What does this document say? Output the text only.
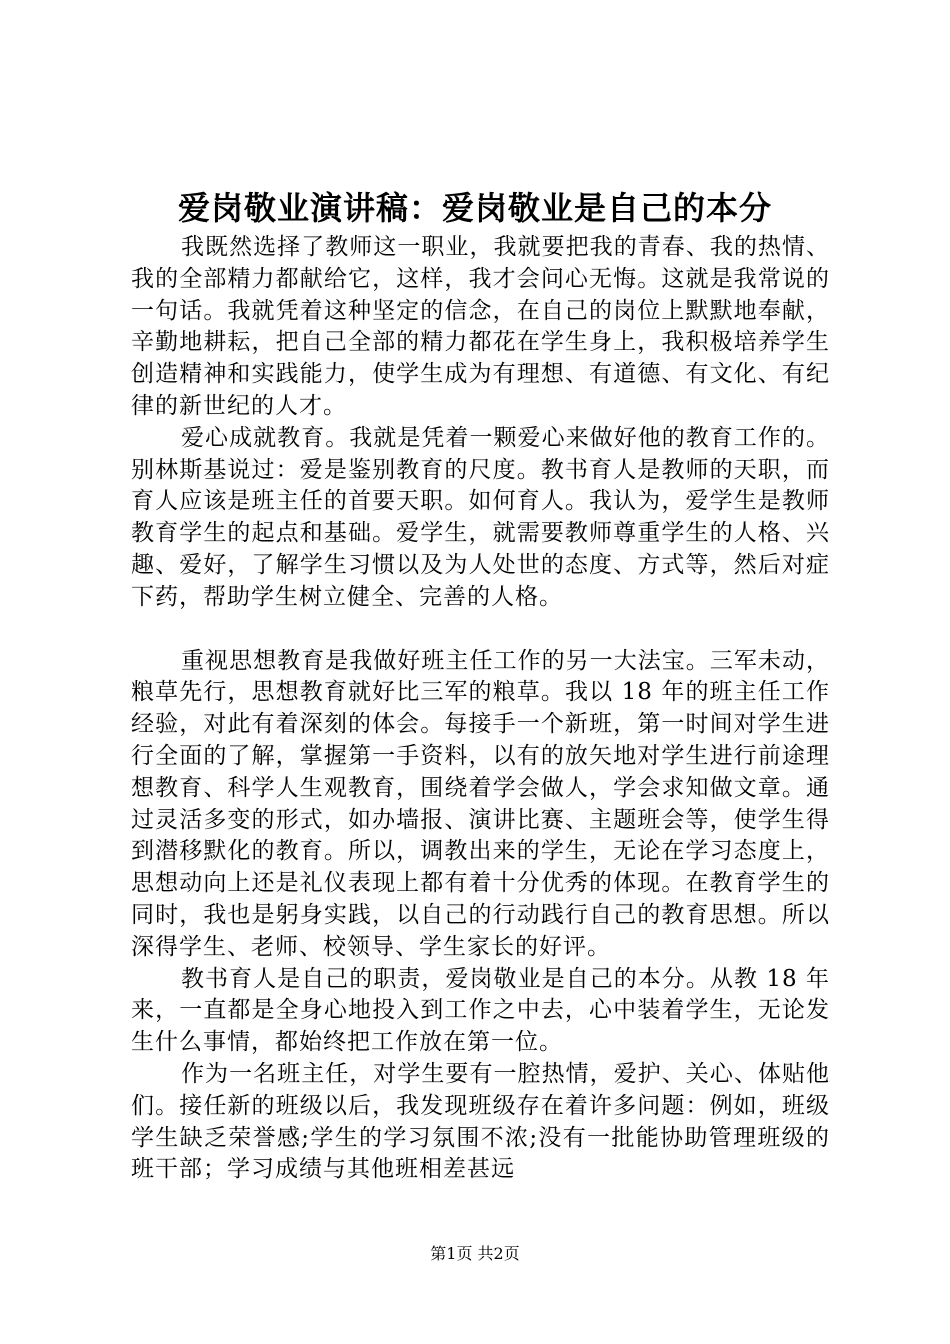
爱岗敬业演讲稿：爱岗敬业是自己的本分

我既然选择了教师这一职业，我就要把我的青春、我的热情、我的全部精力都献给它，这样，我才会问心无悔。这就是我常说的一句话。我就凭着这种坚定的信念，在自己的岗位上默默地奉献，辛勤地耕耘，把自己全部的精力都花在学生身上，我积极培养学生创造精神和实践能力，使学生成为有理想、有道德、有文化、有纪律的新世纪的人才。

爱心成就教育。我就是凭着一颗爱心来做好他的教育工作的。别林斯基说过：爱是鉴别教育的尺度。教书育人是教师的天职，而育人应该是班主任的首要天职。如何育人。我认为，爱学生是教师教育学生的起点和基础。爱学生，就需要教师尊重学生的人格、兴趣、爱好，了解学生习惯以及为人处世的态度、方式等，然后对症下药，帮助学生树立健全、完善的人格。

重视思想教育是我做好班主任工作的另一大法宝。三军未动，粮草先行，思想教育就好比三军的粮草。我以 18 年的班主任工作经验，对此有着深刻的体会。每接手一个新班，第一时间对学生进行全面的了解，掌握第一手资料，以有的放矢地对学生进行前途理想教育、科学人生观教育，围绕着学会做人，学会求知做文章。通过灵活多变的形式，如办墙报、演讲比赛、主题班会等，使学生得到潜移默化的教育。所以，调教出来的学生，无论在学习态度上，思想动向上还是礼仪表现上都有着十分优秀的体现。在教育学生的同时，我也是躬身实践，以自己的行动践行自己的教育思想。所以深得学生、老师、校领导、学生家长的好评。

教书育人是自己的职责，爱岗敬业是自己的本分。从教 18 年来，一直都是全身心地投入到工作之中去，心中装着学生，无论发生什么事情，都始终把工作放在第一位。

作为一名班主任，对学生要有一腔热情，爱护、关心、体贴他们。接任新的班级以后，我发现班级存在着许多问题：例如，班级学生缺乏荣誉感;学生的学习氛围不浓;没有一批能协助管理班级的班干部；学习成绩与其他班相差甚远

第1页 共2页
